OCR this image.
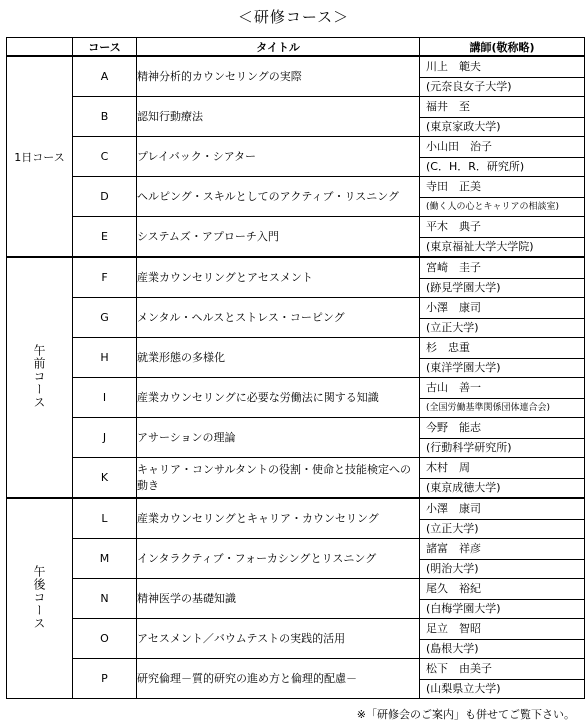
＜研修コース＞
	コース	タイトル	講師(敬称略)
1日コース	A	精神分析的カウンセリングの実際	川上　範夫
(元奈良女子大学)

	B	認知行動療法	福井　至
(東京家政大学)

	C	プレイバック・シアター	小山田　治子
(C．H．R．研究所)

	D	ヘルピング・スキルとしてのアクティブ・リスニング	寺田　正美
(働く人の心とキャリアの相談室)

	E	システムズ・アプローチ入門	平木　典子
(東京福祉大学大学院)

午前コース	F	産業カウンセリングとアセスメント	宮崎　圭子
(跡見学園大学)

	G	メンタル・ヘルスとストレス・コーピング	小澤　康司
(立正大学)

	H	就業形態の多様化	杉　忠重
(東洋学園大学)

	I	産業カウンセリングに必要な労働法に関する知識	古山　善一
(全国労働基準関係団体連合会)

	J	アサーションの理論	今野　能志
(行動科学研究所)

	K	キャリア・コンサルタントの役割・使命と技能検定への動き	木村　周
(東京成徳大学)

午後コース	L	産業カウンセリングとキャリア・カウンセリング	小澤　康司
(立正大学)

	M	インタラクティブ・フォーカシングとリスニング	諸富　祥彦
(明治大学)

	N	精神医学の基礎知識	尾久　裕紀
(白梅学園大学)

	O	アセスメント／バウムテストの実践的活用	足立　智昭
(島根大学)

	P	研究倫理－質的研究の進め方と倫理的配慮－	松下　由美子
(山梨県立大学)
※「研修会のご案内」も併せてご覧下さい。
